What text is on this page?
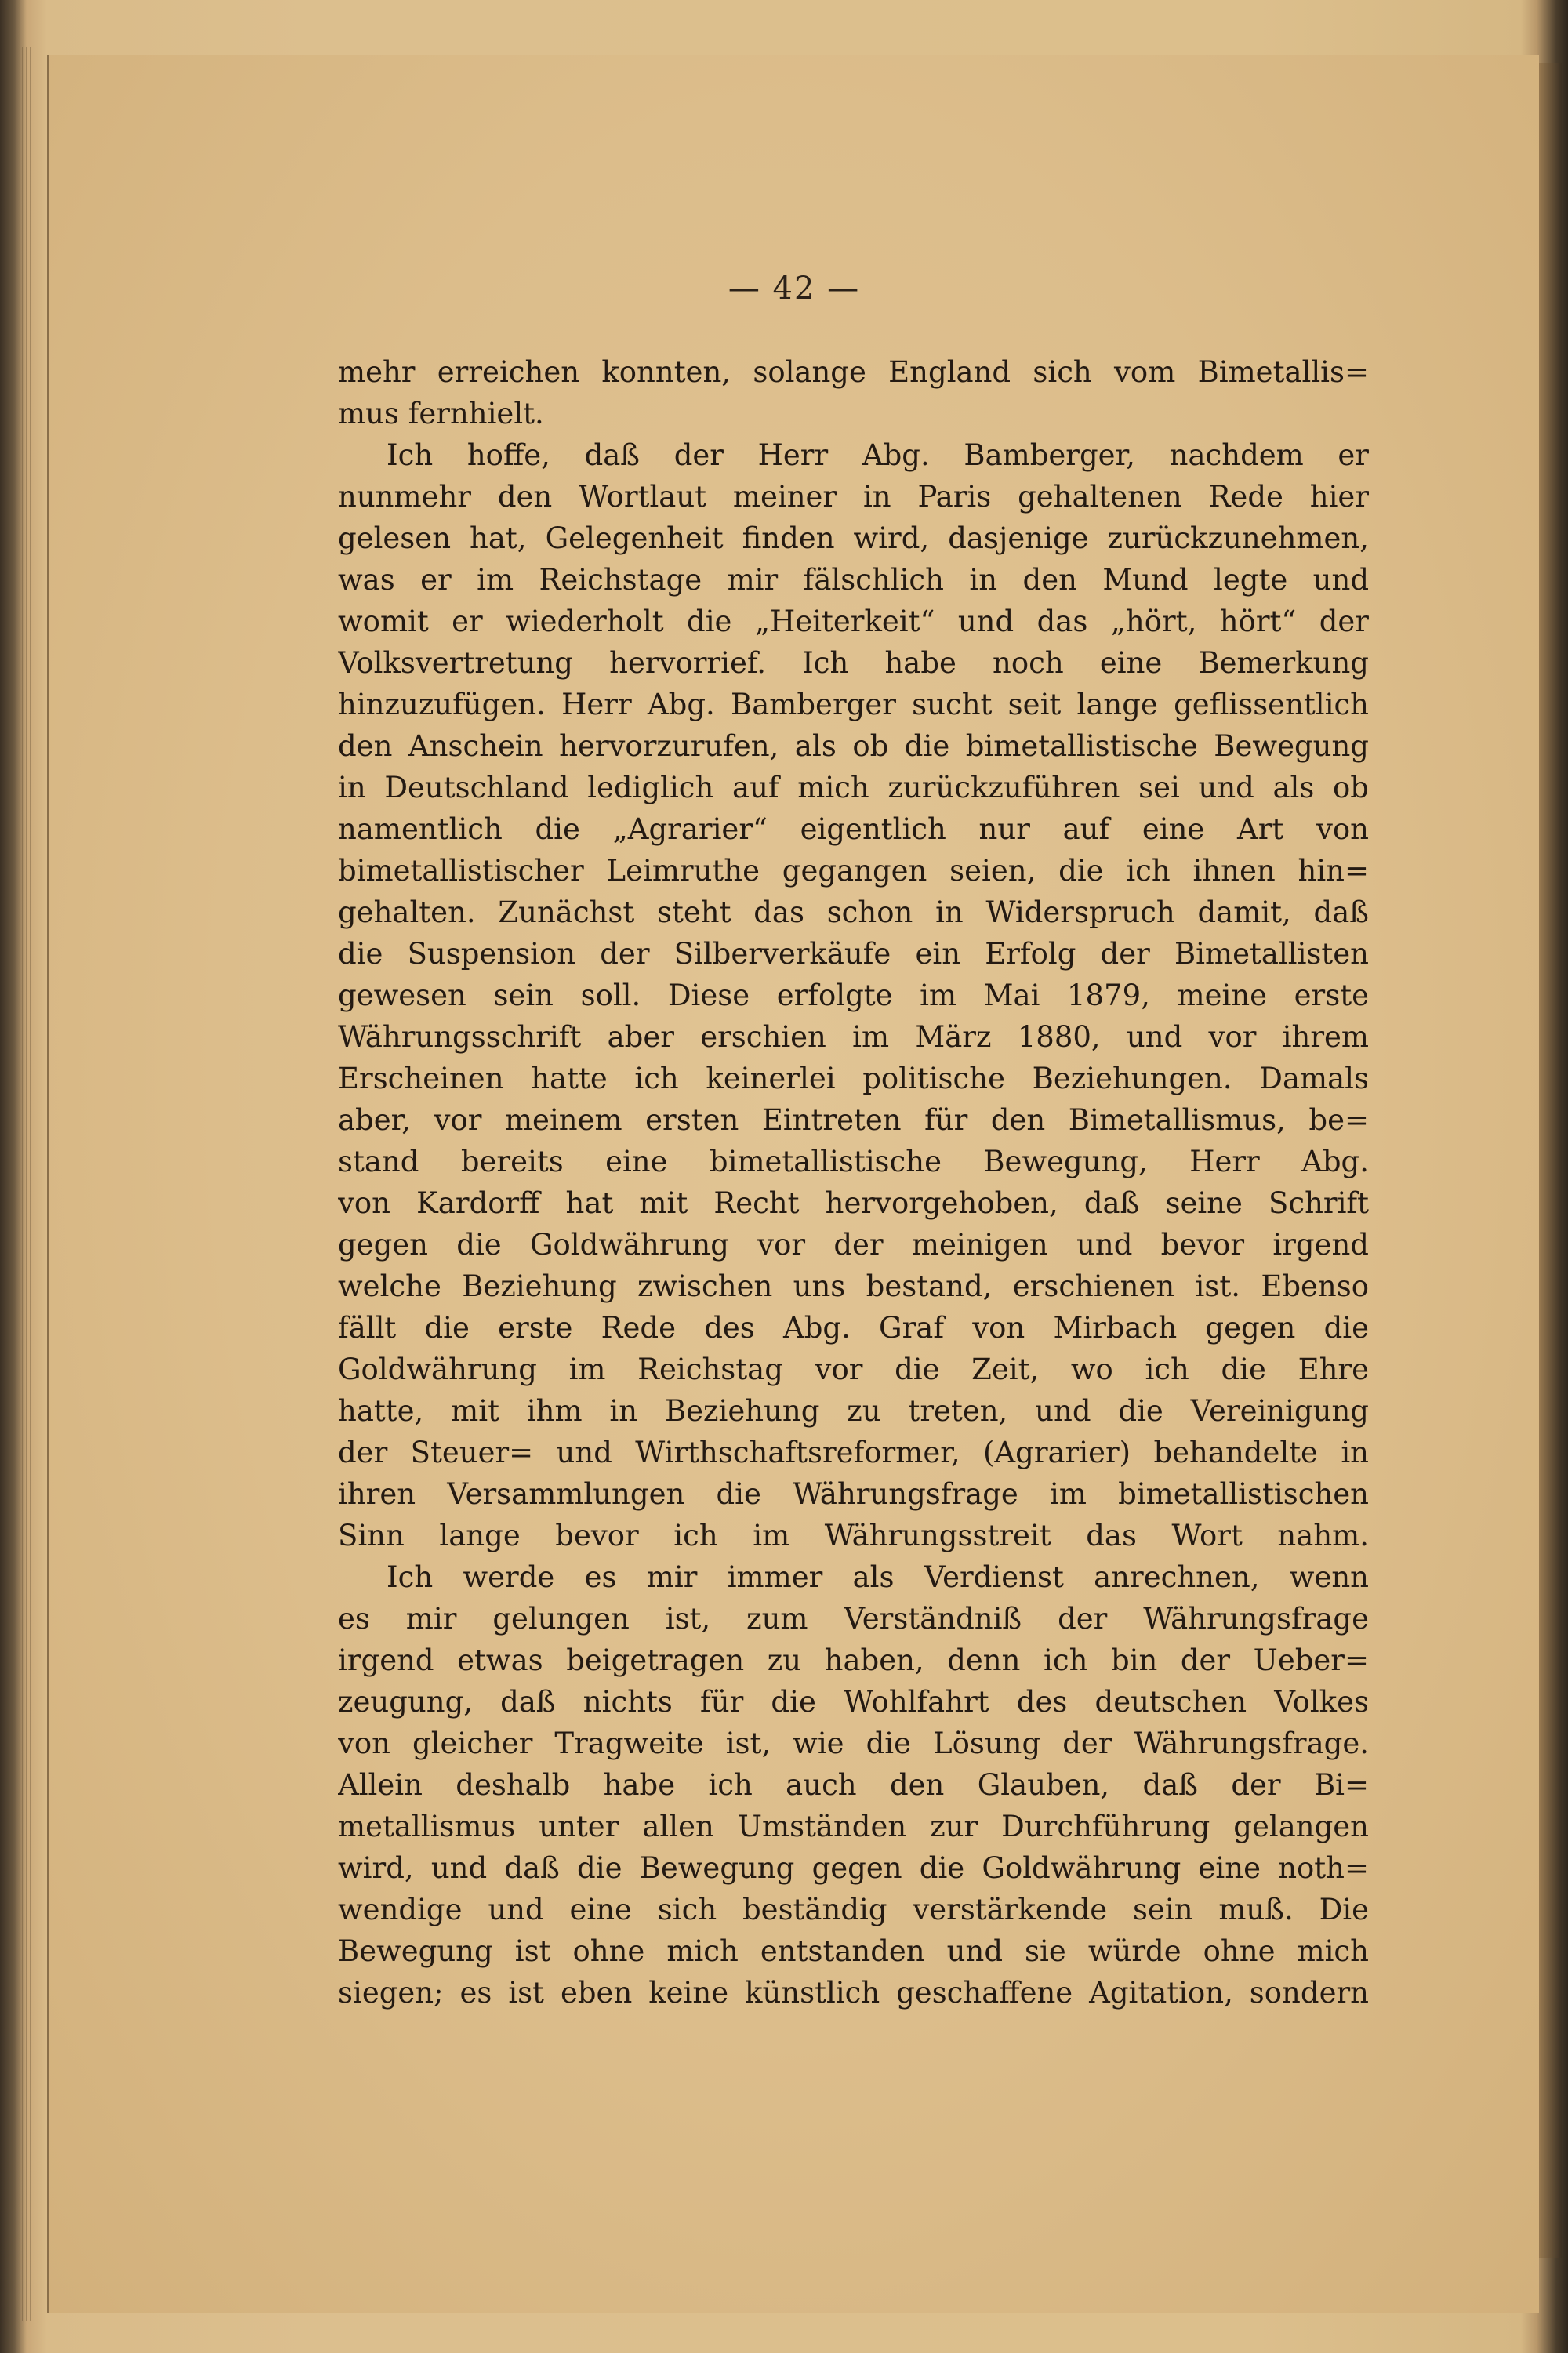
— 42 —
mehr erreichen konnten, solange England sich vom Bimetallis=
mus fernhielt.
Ich hoffe, daß der Herr Abg. Bamberger, nachdem er
nunmehr den Wortlaut meiner in Paris gehaltenen Rede hier
gelesen hat, Gelegenheit finden wird, dasjenige zurückzunehmen,
was er im Reichstage mir fälschlich in den Mund legte und
womit er wiederholt die „Heiterkeit“ und das „hört, hört“ der
Volksvertretung hervorrief. Ich habe noch eine Bemerkung
hinzuzufügen. Herr Abg. Bamberger sucht seit lange geflissentlich
den Anschein hervorzurufen, als ob die bimetallistische Bewegung
in Deutschland lediglich auf mich zurückzuführen sei und als ob
namentlich die „Agrarier“ eigentlich nur auf eine Art von
bimetallistischer Leimruthe gegangen seien, die ich ihnen hin=
gehalten. Zunächst steht das schon in Widerspruch damit, daß
die Suspension der Silberverkäufe ein Erfolg der Bimetallisten
gewesen sein soll. Diese erfolgte im Mai 1879, meine erste
Währungsschrift aber erschien im März 1880, und vor ihrem
Erscheinen hatte ich keinerlei politische Beziehungen. Damals
aber, vor meinem ersten Eintreten für den Bimetallismus, be=
stand bereits eine bimetallistische Bewegung, Herr Abg.
von Kardorff hat mit Recht hervorgehoben, daß seine Schrift
gegen die Goldwährung vor der meinigen und bevor irgend
welche Beziehung zwischen uns bestand, erschienen ist. Ebenso
fällt die erste Rede des Abg. Graf von Mirbach gegen die
Goldwährung im Reichstag vor die Zeit, wo ich die Ehre
hatte, mit ihm in Beziehung zu treten, und die Vereinigung
der Steuer= und Wirthschaftsreformer, (Agrarier) behandelte in
ihren Versammlungen die Währungsfrage im bimetallistischen
Sinn lange bevor ich im Währungsstreit das Wort nahm.
Ich werde es mir immer als Verdienst anrechnen, wenn
es mir gelungen ist, zum Verständniß der Währungsfrage
irgend etwas beigetragen zu haben, denn ich bin der Ueber=
zeugung, daß nichts für die Wohlfahrt des deutschen Volkes
von gleicher Tragweite ist, wie die Lösung der Währungsfrage.
Allein deshalb habe ich auch den Glauben, daß der Bi=
metallismus unter allen Umständen zur Durchführung gelangen
wird, und daß die Bewegung gegen die Goldwährung eine noth=
wendige und eine sich beständig verstärkende sein muß. Die
Bewegung ist ohne mich entstanden und sie würde ohne mich
siegen; es ist eben keine künstlich geschaffene Agitation, sondern
